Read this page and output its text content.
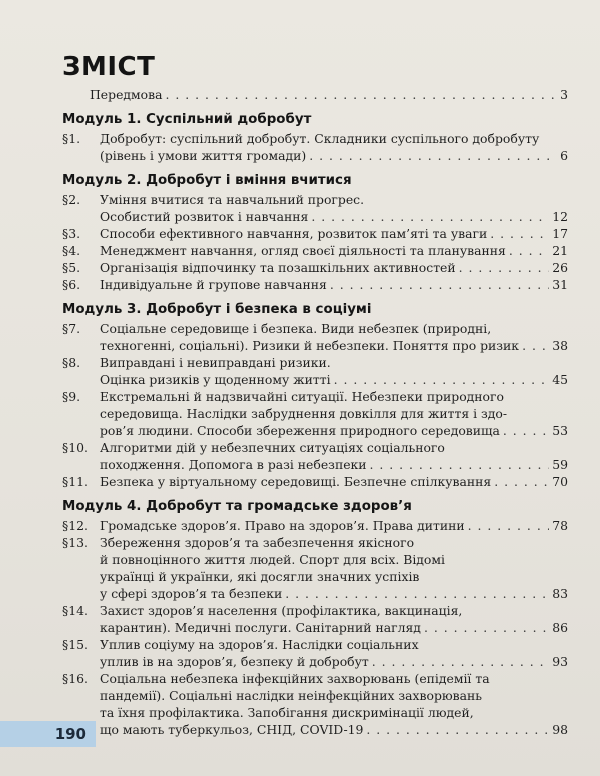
ЗМІСТ
Передмова . . .	3
Модуль 1. Суспільний добробут
§1.	Добробут: суспільний добробут. Складники суспільного добробуту
(рівень і умови життя громади) . . .	6
Модуль 2. Добробут і вміння вчитися
§2.	Уміння вчитися та навчальний прогрес.
Особистий розвиток і навчання . . .	12
§3.	Способи ефективного навчання, розвиток пам’яті та уваги . . .	17
§4.	Менеджмент навчання, огляд своєї діяльності та планування . . .	21
§5.	Організація відпочинку та позашкільних активностей . . .	26
§6.	Індивідуальне й групове навчання . . .	31
Модуль 3. Добробут і безпека в соціумі
§7.	Соціальне середовище і безпека. Види небезпек (природні,
техногенні, соціальні). Ризики й небезпеки. Поняття про ризик . . .	38
§8.	Виправдані і невиправдані ризики.
Оцінка ризиків у щоденному житті . . .	45
§9.	Екстремальні й надзвичайні ситуації. Небезпеки природного
середовища. Наслідки забруднення довкілля для життя і здо-
ров’я людини. Способи збереження природного середовища . . .	53
§10. Алгоритми дій у небезпечних ситуаціях соціального
походження. Допомога в разі небезпеки . . .	59
§11. Безпека у віртуальному середовищі. Безпечне спілкування . . .	70
Модуль 4. Добробут та громадське здоров’я
§12. Громадське здоров’я. Право на здоров’я. Права дитини . . .	78
§13. Збереження здоров’я та забезпечення якісного
й повноцінного життя людей. Спорт для всіх. Відомі
українці й українки, які досягли значних успіхів
у сфері здоров’я та безпеки . . .	83
§14. Захист здоров’я населення (профілактика, вакцинація,
карантин). Медичні послуги. Санітарний нагляд . . .	86
§15. Уплив соціуму на здоров’я. Наслідки соціальних
уплив ів на здоров’я, безпеку й добробут . . .	93
§16. Соціальна небезпека інфекційних захворювань (епідемії та
пандемії). Соціальні наслідки неінфекційних захворювань
та їхня профілактика. Запобігання дискримінації людей,
що мають туберкульоз, СНІД, COVID-19 . . .	98
190
